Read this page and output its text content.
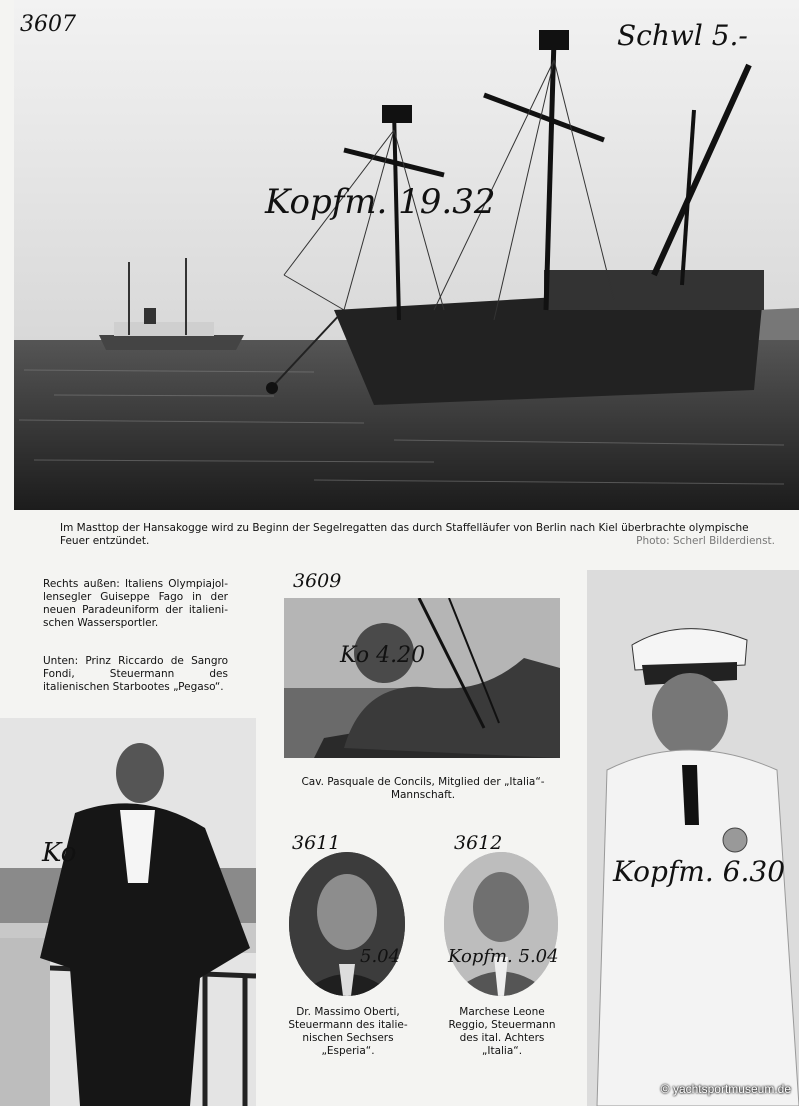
3607	Schwl 5.-
Kopfm. 19.32
Im Masttop der Hansakogge wird zu Beginn der Segelregatten das durch Staffelläufer von Berlin nach Kiel überbrachte olympische
Feuer entzündet.	Photo: Scherl Bilderdienst.
Rechts außen: Italiens Olympiajol-lensegler Guiseppe Fago in der neuen Paradeuniform der italieni-schen Wassersportler.
Unten: Prinz Riccardo de Sangro Fondi, Steuermann des italienischen Starbootes „Pegaso“.
3609
Ko 4.20
Cav. Pasquale de Concils, Mitglied der „Italia“-Mannschaft.
Kopfm. 6.30
Ko	3611
5.04
Dr. Massimo Oberti, Steuermann des italie-nischen Sechsers „Esperia“.
3612
Kopfm. 5.04
Marchese Leone Reggio, Steuermann des ital. Achters „Italia“.
© yachtsportmuseum.de
